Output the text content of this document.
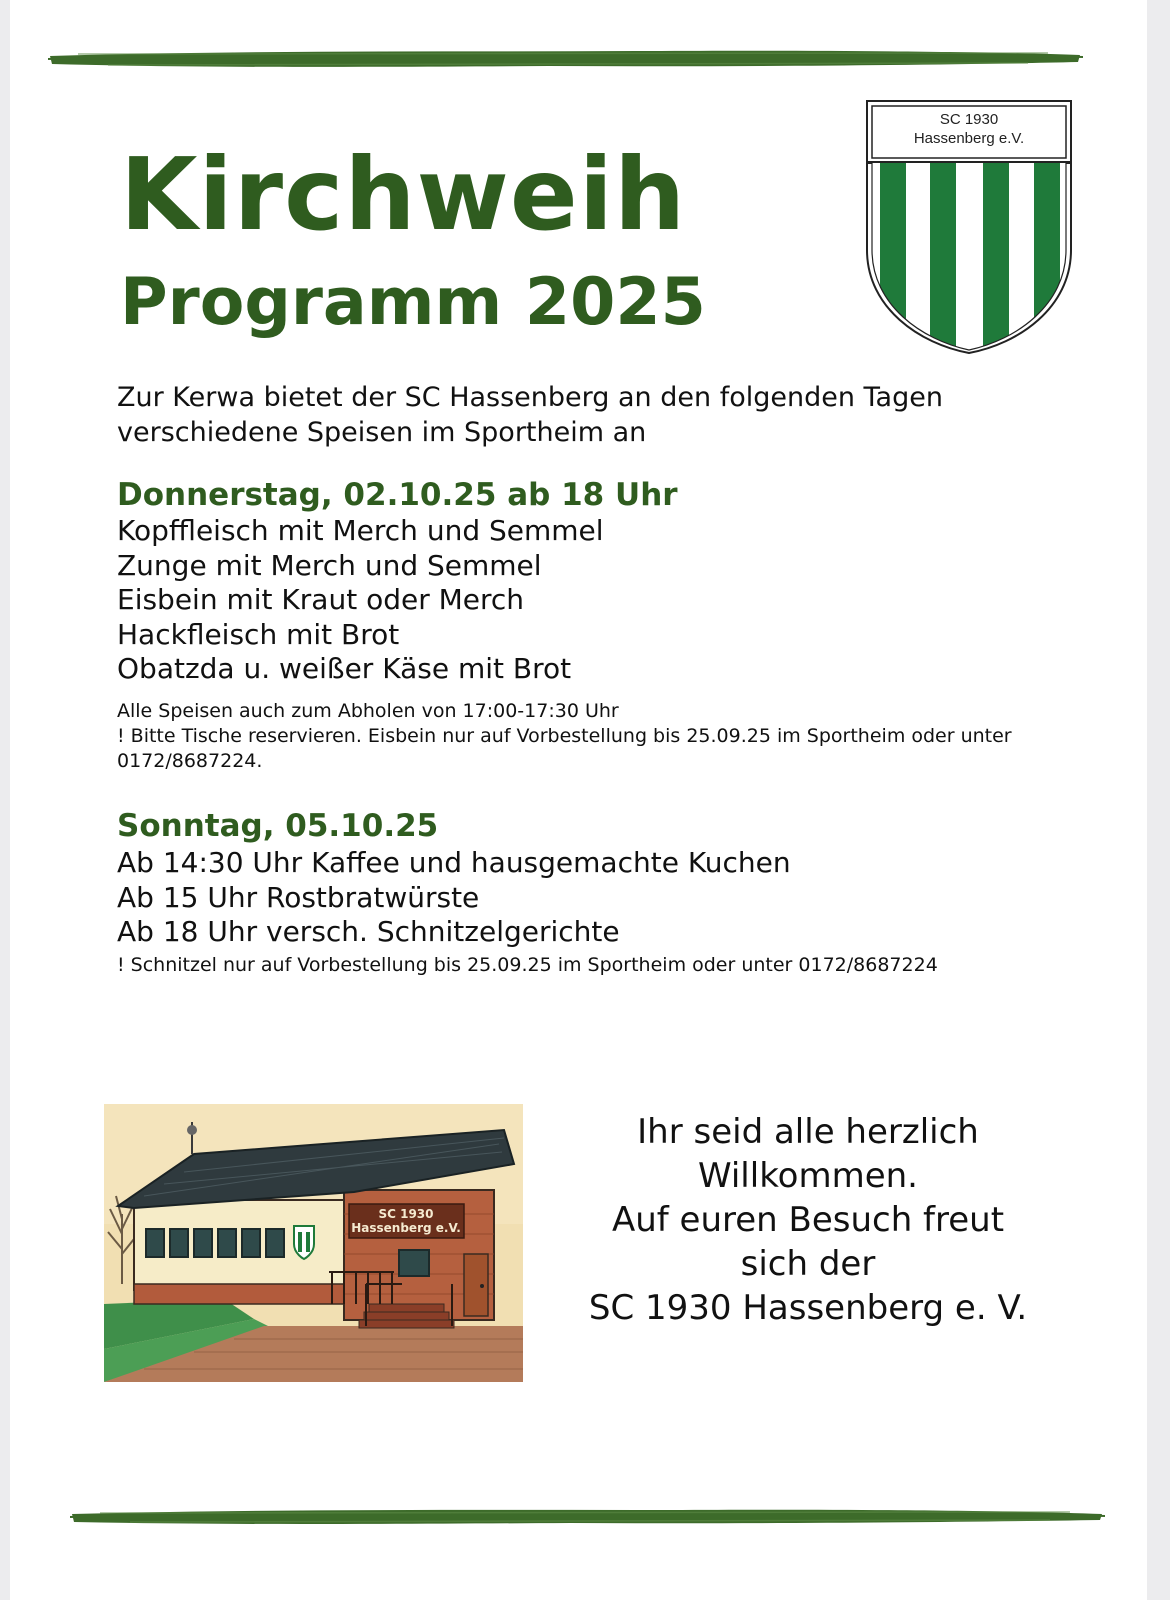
Kirchweih
Programm 2025
SC 1930
Hassenberg e.V.
Zur Kerwa bietet der SC Hassenberg an den folgenden Tagen verschiedene Speisen im Sportheim an
Donnerstag, 02.10.25 ab 18 Uhr
Kopffleisch mit Merch und Semmel
Zunge mit Merch und Semmel
Eisbein mit Kraut oder Merch
Hackfleisch mit Brot
Obatzda u. weißer Käse mit Brot
Alle Speisen auch zum Abholen von 17:00-17:30 Uhr
! Bitte Tische reservieren. Eisbein nur auf Vorbestellung bis 25.09.25 im Sportheim oder unter 0172/8687224.
Sonntag, 05.10.25
Ab 14:30 Uhr Kaffee und hausgemachte Kuchen
Ab 15 Uhr Rostbratwürste
Ab 18 Uhr versch. Schnitzelgerichte
! Schnitzel nur auf Vorbestellung bis 25.09.25 im Sportheim oder unter 0172/8687224
SC 1930
Hassenberg e.V.
Ihr seid alle herzlich
Willkommen.
Auf euren Besuch freut
sich der
SC 1930 Hassenberg e. V.
